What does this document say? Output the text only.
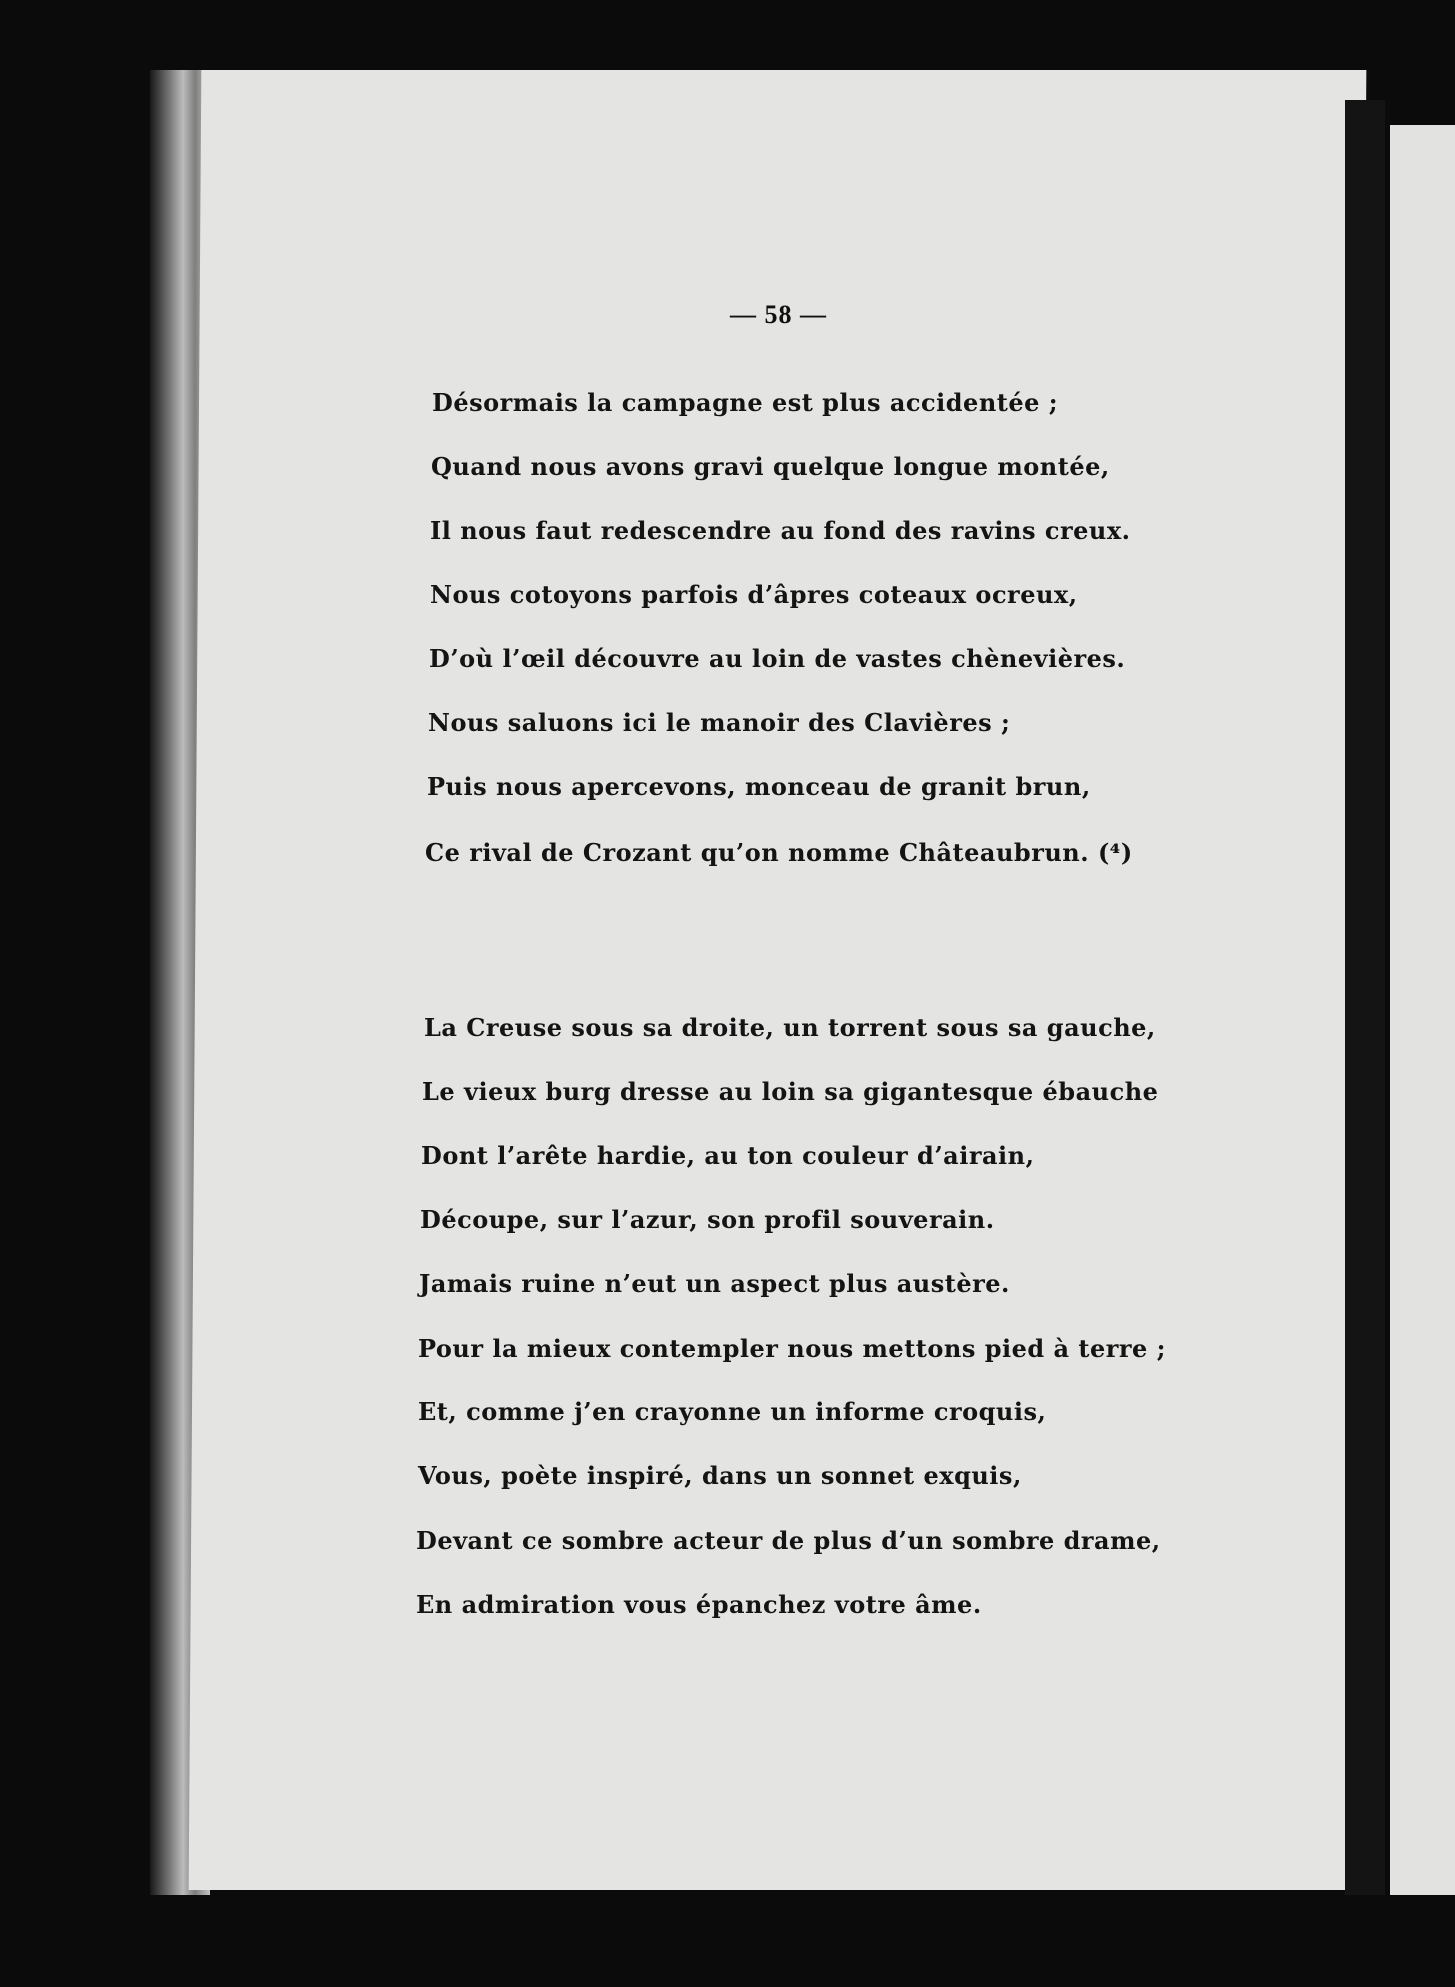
— 58 —
Désormais la campagne est plus accidentée ;
Quand nous avons gravi quelque longue montée,
Il nous faut redescendre au fond des ravins creux.
Nous cotoyons parfois d’âpres coteaux ocreux,
D’où l’œil découvre au loin de vastes chènevières.
Nous saluons ici le manoir des Clavières ;
Puis nous apercevons, monceau de granit brun,
Ce rival de Crozant qu’on nomme Châteaubrun. (⁴)
La Creuse sous sa droite, un torrent sous sa gauche,
Le vieux burg dresse au loin sa gigantesque ébauche
Dont l’arête hardie, au ton couleur d’airain,
Découpe, sur l’azur, son profil souverain.
Jamais ruine n’eut un aspect plus austère.
Pour la mieux contempler nous mettons pied à terre ;
Et, comme j’en crayonne un informe croquis,
Vous, poète inspiré, dans un sonnet exquis,
Devant ce sombre acteur de plus d’un sombre drame,
En admiration vous épanchez votre âme.
